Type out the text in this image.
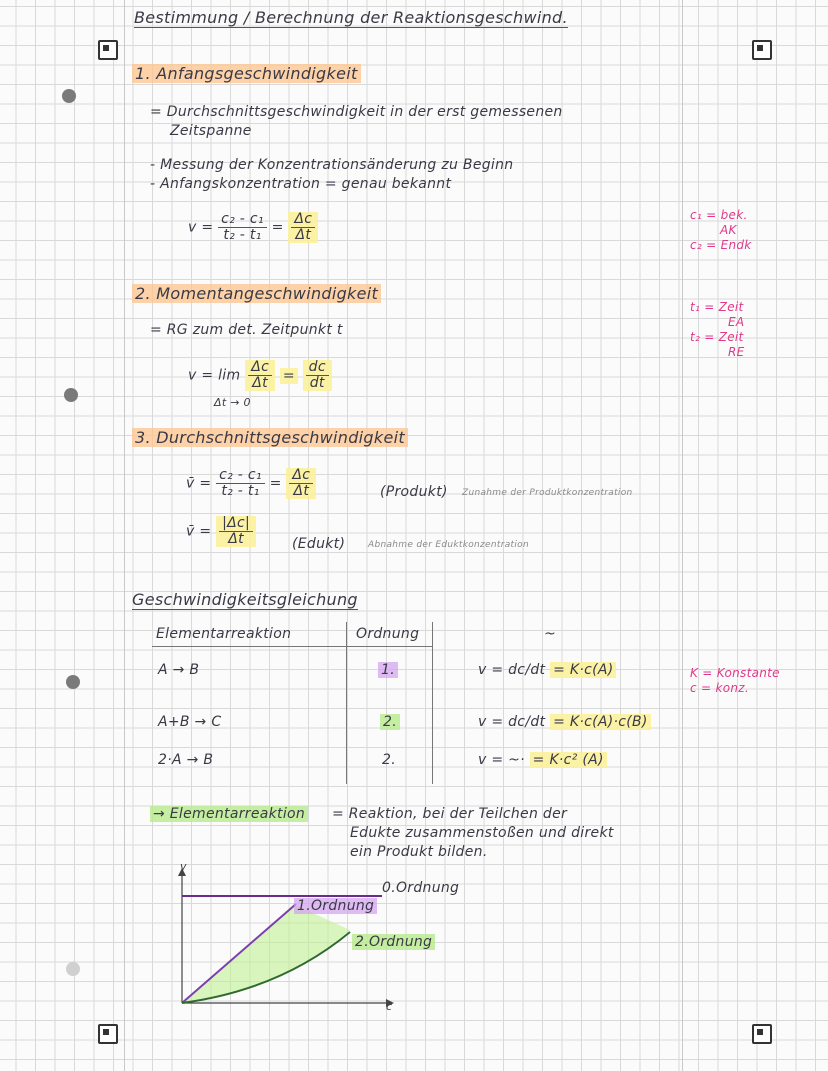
Bestimmung / Berechnung der Reaktionsgeschwind.
1. Anfangsgeschwindigkeit
= Durchschnittsgeschwindigkeit in der erst gemessenen
Zeitspanne
- Messung der Konzentrationsänderung zu Beginn
- Anfangskonzentration = genau bekannt
$v = \frac{\text{c₂ - c₁}}{\text{t₂ - t₁}} = \frac{\Delta c}{\Delta t}$	c₁ = bek.
AK
c₂ = Endk
t₁ = Zeit
EA
t₂ = Zeit
RE
K = Konstante
c = konz.
2. Momentangeschwindigkeit
= RG zum det. Zeitpunkt t
$v = \lim \frac{\Delta c}{\Delta t} = \frac{dc}{dt}$
Δt → 0
3. Durchschnittsgeschwindigkeit
v̄ = $\frac{\text{c₂ - c₁}}{\text{t₂ - t₁}} = \frac{\Delta c}{\Delta t}$	(Produkt) Zunahme der Produktkonzentration
v̄ = $\frac{|\Delta c|}{\Delta t}$	(Edukt)	Abnahme der Eduktkonzentration
Geschwindigkeitsgleichung
Elementarreaktion	Ordnung	~
A → B	1.	v = dc/dt = K·c(A)
A+B → C	2.	v = dc/dt = K·c(A)·c(B)
2·A → B	2.	v = ~· = K·c² (A)
→ Elementarreaktion = Reaktion, bei der Teilchen der
Edukte zusammenstoßen und direkt
ein Produkt bilden.
v
c
0.Ordnung
1.Ordnung
2.Ordnung
